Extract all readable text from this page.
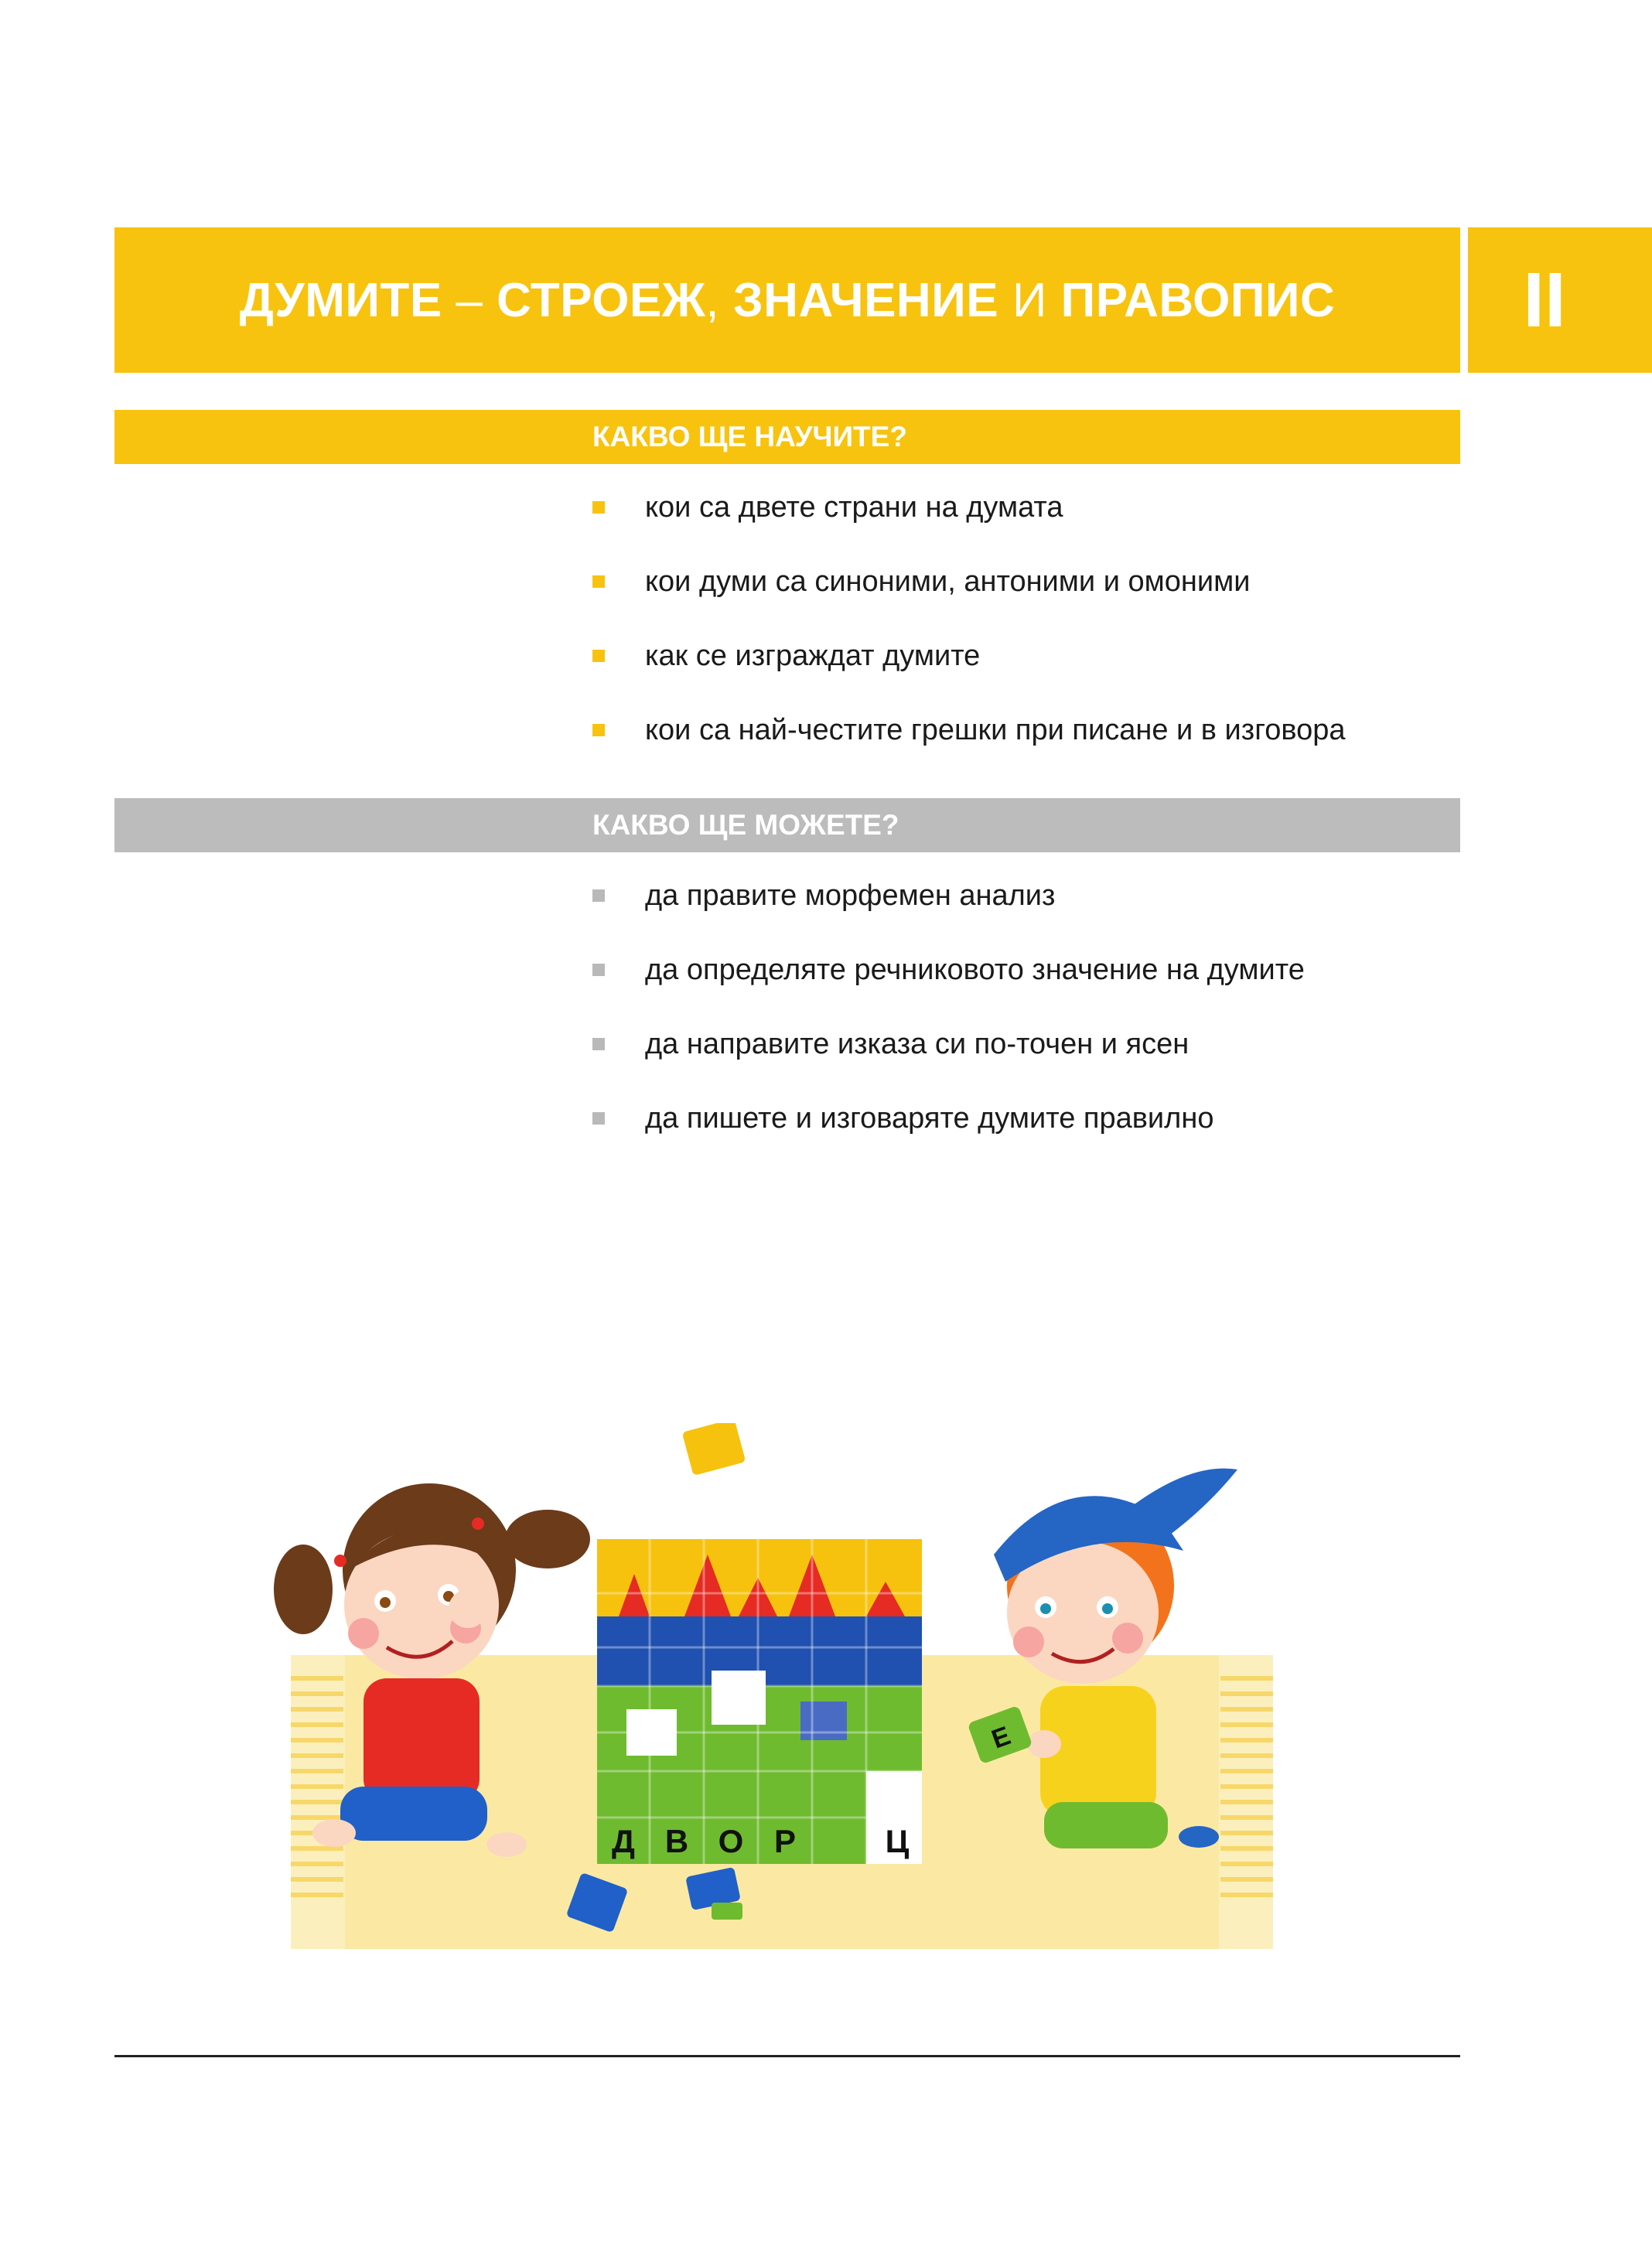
ДУМИТЕ – СТРОЕЖ, ЗНАЧЕНИЕ И ПРАВОПИС II
КАКВО ЩЕ НАУЧИТЕ?
кои са двете страни на думата
кои думи са синоними, антоними и омоними
как се изграждат думите
кои са най-честите грешки при писане и в изговора
КАКВО ЩЕ МОЖЕТЕ?
да правите морфемен анализ
да определяте речниковото значение на думите
да направите изказа си по-точен и ясен
да пишете и изговаряте думите правилно
Д В О Р	Ц
Е
